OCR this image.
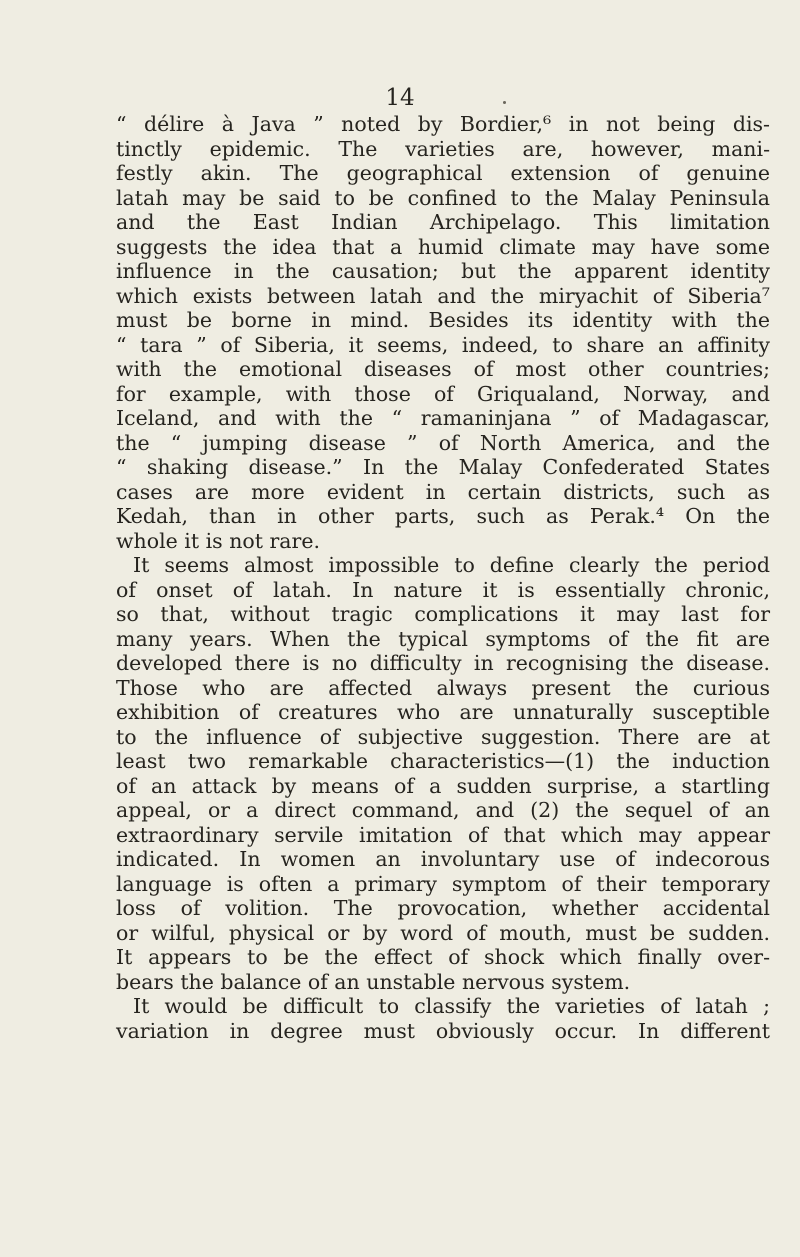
14
“ délire à Java ” noted by Bordier,⁶ in not being dis-
tinctly epidemic. The varieties are, however, mani-
festly akin. The geographical extension of genuine
latah may be said to be confined to the Malay Peninsula
and the East Indian Archipelago. This limitation
suggests the idea that a humid climate may have some
influence in the causation; but the apparent identity
which exists between latah and the miryachit of Siberia⁷
must be borne in mind. Besides its identity with the
“ tara ” of Siberia, it seems, indeed, to share an affinity
with the emotional diseases of most other countries;
for example, with those of Griqualand, Norway, and
Iceland, and with the “ ramaninjana ” of Madagascar,
the “ jumping disease ” of North America, and the
“ shaking disease.” In the Malay Confederated States
cases are more evident in certain districts, such as
Kedah, than in other parts, such as Perak.⁴ On the
whole it is not rare.
It seems almost impossible to define clearly the period
of onset of latah. In nature it is essentially chronic,
so that, without tragic complications it may last for
many years. When the typical symptoms of the fit are
developed there is no difficulty in recognising the disease.
Those who are affected always present the curious
exhibition of creatures who are unnaturally susceptible
to the influence of subjective suggestion. There are at
least two remarkable characteristics—(1) the induction
of an attack by means of a sudden surprise, a startling
appeal, or a direct command, and (2) the sequel of an
extraordinary servile imitation of that which may appear
indicated. In women an involuntary use of indecorous
language is often a primary symptom of their temporary
loss of volition. The provocation, whether accidental
or wilful, physical or by word of mouth, must be sudden.
It appears to be the effect of shock which finally over-
bears the balance of an unstable nervous system.
It would be difficult to classify the varieties of latah ;
variation in degree must obviously occur. In different
